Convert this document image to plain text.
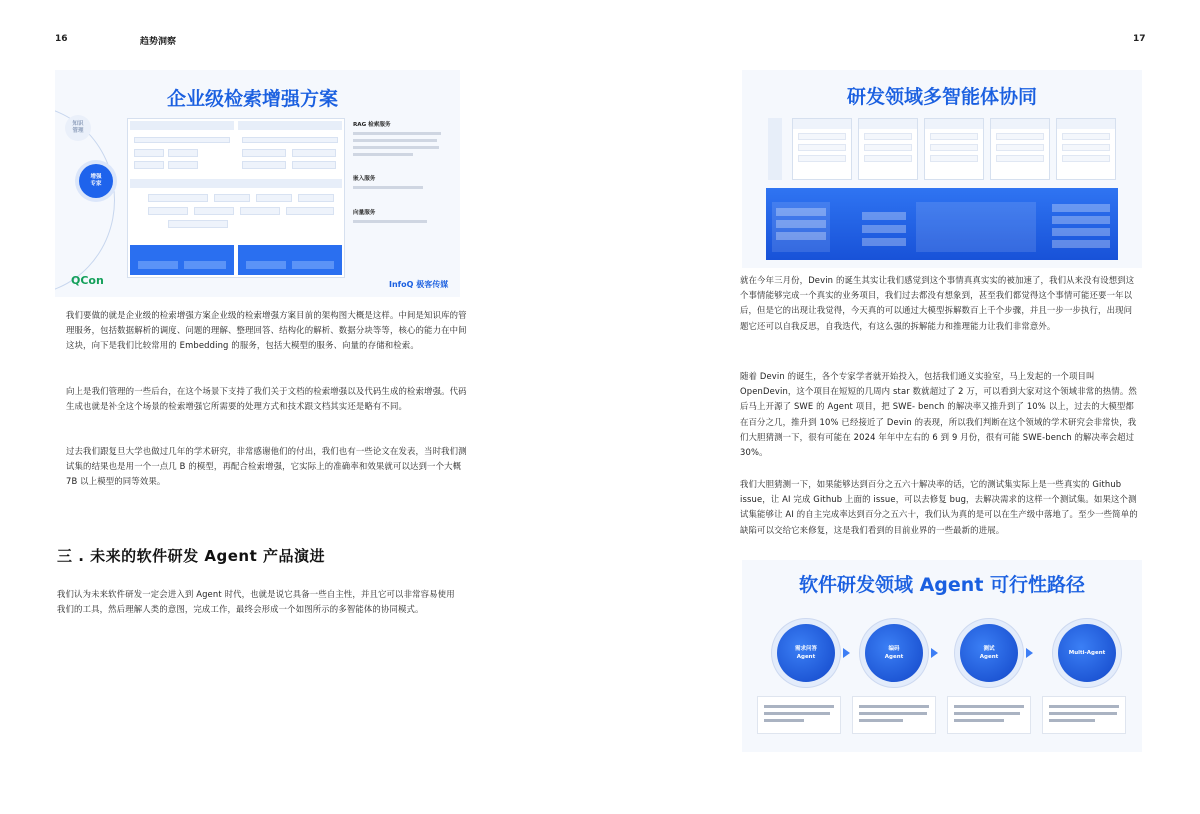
16	趋势洞察
企业级检索增强方案
知识
管理
增强
专家
RAG 检索服务
嵌入服务
向量服务
QCon	InfoQ 极客传媒
我们要做的就是企业级的检索增强方案企业级的检索增强方案目前的架构图大概是这样。中间是知识库的管理服务，包括数据解析的调度、问题的理解、整理回答、结构化的解析、数据分块等等，核心的能力在中间这块，向下是我们比较常用的 Embedding 的服务，包括大模型的服务、向量的存储和检索。
向上是我们管理的一些后台，在这个场景下支持了我们关于文档的检索增强以及代码生成的检索增强。代码生成也就是补全这个场景的检索增强它所需要的处理方式和技术跟文档其实还是略有不同。
过去我们跟复旦大学也做过几年的学术研究，非常感谢他们的付出，我们也有一些论文在发表，当时我们测试集的结果也是用一个一点几 B 的模型，再配合检索增强，它实际上的准确率和效果就可以达到一个大概 7B 以上模型的同等效果。
三 . 未来的软件研发 Agent 产品演进
我们认为未来软件研发一定会进入到 Agent 时代，也就是说它具备一些自主性，并且它可以非常容易使用我们的工具，然后理解人类的意图，完成工作，最终会形成一个如图所示的多智能体的协同模式。
17
研发领域多智能体协同
就在今年三月份，Devin 的诞生其实让我们感觉到这个事情真真实实的被加速了，我们从来没有设想到这个事情能够完成一个真实的业务项目，我们过去都没有想象到，甚至我们都觉得这个事情可能还要一年以后，但是它的出现让我觉得，今天真的可以通过大模型拆解数百上千个步骤，并且一步一步执行，出现问题它还可以自我反思，自我迭代，有这么强的拆解能力和推理能力让我们非常意外。
随着 Devin 的诞生，各个专家学者就开始投入，包括我们通义实验室，马上发起的一个项目叫 OpenDevin，这个项目在短短的几周内 star 数就超过了 2 万，可以看到大家对这个领域非常的热情。然后马上开源了 SWE 的 Agent 项目，把 SWE- bench 的解决率又推升到了 10% 以上，过去的大模型都在百分之几，推升到 10% 已经接近了 Devin 的表现，所以我们判断在这个领域的学术研究会非常快，我们大胆猜测一下，很有可能在 2024 年年中左右的 6 到 9 月份，很有可能 SWE-bench 的解决率会超过 30%。
我们大胆猜测一下，如果能够达到百分之五六十解决率的话，它的测试集实际上是一些真实的 Github issue，让 AI 完成 Github 上面的 issue，可以去修复 bug，去解决需求的这样一个测试集。如果这个测试集能够让 AI 的自主完成率达到百分之五六十，我们认为真的是可以在生产级中落地了。至少一些简单的缺陷可以交给它来修复，这是我们看到的目前业界的一些最新的进展。
软件研发领域 Agent 可行性路径
需求问答
Agent
编码
Agent
测试
Agent
Multi-Agent
